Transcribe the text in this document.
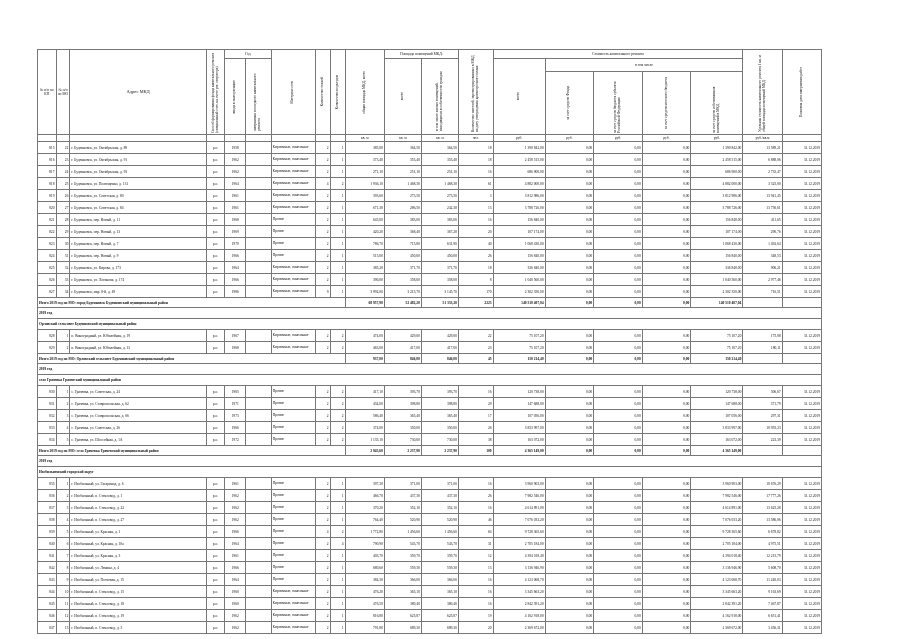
№ п/п по КП	№ п/п по МО	Адрес МКД	Способ формирования фонда капитального ремонта (специальный счет, на счете рег. оператора)	Год		Материал стен	Количество этажей	Количество подъездов	общая площадь МКД, всего	Площадь помещений МКД:		Количество жителей, зарегистрированных в МКД на дату утверждения краткосрочного плана	Стоимость капитального ремонта					Удельная стоимость капитального ремонта 1 кв. м общей площади помещений МКД	Плановая дата завершения работ

				ввода в эксплуатацию	завершения последнего капитального ремонта					всего	в том числе жилых помещений, находящихся в собственности граждан		всего	в том числе					

														за счет средств Фонда	за счет средств бюджета субъекта Российской Федерации	за счет средств местного бюджета	за счет средств собственников помещений в МКД		

									кв. м	кв. м	кв. м	чел.	руб.	руб.	руб.	руб.	руб.	руб./кв.м	
815	22	г. Буденновск, ул. Октябрьская, д. 89	р.о.	1958		Кирпичные, панельные	2	1	385,00	364,50	364,50	18	1 390 842,00	0,00	0,00	0,00	1 390 842,00	13 589,21	31.12.2019
816	23	г. Буденновск, ул. Октябрьская, д. 91	р.о.	1962		Кирпичные, панельные	2	1	373,40	353,40	353,40	18	2 458 515,00	0,00	0,00	0,00	2 458 515,00	6 888,06	31.12.2019
817	24	г. Буденновск, ул. Октябрьская, д. 93	р.о.	1962		Кирпичные, панельные	2	1	271,10	251,10	251,10	16	686 900,00	0,00	0,00	0,00	686 900,00	2 735,47	31.12.2019
818	25	г. Буденновск, ул. Полющенко, д. 131	р.о.	1964		Кирпичные, панельные	4	2	1 936,10	1 468,30	1 468,30	61	4 882 000,00	0,00	0,00	0,00	4 882 000,00	3 325,00	31.12.2019
819	26	г. Буденновск, ул. Советская, д. 80	р.о.	1961		Кирпичные, панельные	2	1	393,60	273,50	273,50	3	3 812 986,00	0,00	0,00	0,00	3 812 986,00	13 941,45	31.12.2019
820	27	г. Буденновск, ул. Советская, д. 84	р.о.	1961		Кирпичные, панельные	2	1	671,30	286,50	242,30	13	3 788 726,00	0,00	0,00	0,00	3 788 726,00	13 750,61	31.12.2019
821	28	г. Буденновск, пер. Новый, д. 11	р.о.	1968		Прочие	2	1	645,00	383,00	383,00	16	156 840,00	0,00	0,00	0,00	156 840,00	411,65	31.12.2019
822	29	г. Буденновск, пер. Новый, д. 13	р.о.	1969		Прочие	2	1	420,20	368,40	367,20	20	107 174,00	0,00	0,00	0,00	107 174,00	290,76	31.12.2019
823	30	г. Буденновск, пер. Новый, д. 7	р.о.	1970		Прочие	2	1	786,70	715,80	631,90	40	1 068 430,00	0,00	0,00	0,00	1 068 430,00	1 492,64	31.12.2019
824	31	г. Буденновск, пер. Новый, д. 9	р.о.	1966		Прочие	2	1	515,00	450,00	450,00	26	156 840,00	0,00	0,00	0,00	156 840,00	348,53	31.12.2019
825	32	г. Буденновск, ул. Кирова, д. 173	р.о.	1964		Кирпичные, панельные	2	1	385,20	371,70	371,70	18	336 840,00	0,00	0,00	0,00	336 840,00	906,21	31.12.2019
826	33	г. Буденновск, ул. Логинова, д. 174	р.о.	1966		Кирпичные, панельные	2	1	390,00	358,00	358,00	8	1 040 560,00	0,00	0,00	0,00	1 040 560,00	2 977,46	31.12.2019
827	34	г. Буденновск, мкр. 8-й, д. 49	р.о.	1986		Кирпичные, панельные	9	1	3 992,00	3 215,70	3 145,70	170	2 302 350,00	0,00	0,00	0,00	2 302 350,00	716,51	31.12.2019
Итого 2019 год по МО: город Буденновск Буденновский муниципальный район									68 957,90	52 482,20	51 333,20	2223	140 510 407,04	0,00	0,00	0,00	140 510 407,04		
2019 год																			
Орловский сельсовет Буденновский муниципальный район																			
828	1	п. Виноградный, ул. Юбилейная, д. 19	р.о.	1967		Кирпичные, панельные	2	2	474,00	429,00	429,00	22	75 107,20	0,00	0,00	0,00	75 107,20	175,08	31.12.2019
829	2	п. Виноградный, ул. Юбилейная, д. 13	р.о.	1968		Кирпичные, панельные	2	2	463,00	417,00	417,00	23	75 107,20	0,00	0,00	0,00	75 107,20	180,11	31.12.2019
Итого 2019 год по МО: Орловский сельсовет Буденновский муниципальный район									937,00	846,00	846,00	45	150 214,40	0,00	0,00	0,00	150 214,40		
2019 год																			
село Грачевка Грачевский муниципальный район																			
830	1	с. Грачевка, ул. Советская, д. 24	р.о.	1965		Прочие	2	2	417,10	393,70	393,70	16	120 738,00	0,00	0,00	0,00	120 738,00	306,67	31.12.2019
831	2	с. Грачевка, ул. Ставропольская, д. 62	р.о.	1971		Прочие	2	2	434,00	398,80	398,80	29	147 688,00	0,00	0,00	0,00	147 688,00	371,79	31.12.2019
832	3	с. Грачевка, ул. Ставропольская, д. 66	р.о.	1973		Прочие	2	2	586,40	365,40	365,40	17	107 056,00	0,00	0,00	0,00	107 056,00	297,31	31.12.2019
833	4	с. Грачевка, ул. Советская, д. 26	р.о.	1966		Прочие	2	2	374,00	350,00	350,00	26	3 833 997,00	0,00	0,00	0,00	3 833 997,00	10 955,23	31.12.2019
834	5	с. Грачевка, ул. Шоссейная, д. 1А	р.о.	1972		Прочие	2	2	1 135,10	730,00	730,00	38	163 072,00	0,00	0,00	0,00	163 072,00	223,39	31.12.2019
Итого 2019 год по МО: село Грачевка Грачевский муниципальный район									2 945,60	2 237,90	2 237,90	100	4 365 149,00	0,00	0,00	0,00	4 365 149,00		
2019 год																			
Изобильненский городской округ																			
835	1	г. Изобильный, ул. Гагаринод, д. 6	р.о.	1961		Прочие	2	1	397,30	371,00	371,00	16	3 960 903,00	0,00	0,00	0,00	3 960 903,00	10 676,29	31.12.2019
836	2	г. Изобильный, п. Стекловод, д. 1	р.о.	1962		Прочие	2	1	466,70	437,30	437,30	26	7 982 546,00	0,00	0,00	0,00	7 982 546,00	17 777,26	31.12.2019
837	3	г. Изобильный, п. Стекловод, д. 22	р.о.	1962		Прочие	2	1	370,20	352,10	352,10	16	4 614 891,00	0,00	0,00	0,00	4 614 891,00	13 625,28	31.12.2019
838	4	г. Изобильный, п. Стекловод, д. 27	р.о.	1962		Прочие	2	1	764,40	520,90	520,90	46	7 076 033,20	0,00	0,00	0,00	7 076 033,20	13 586,06	31.12.2019
839	5	г. Изобильный, ул. Красная, д. 1	р.о.	1966		Прочие	4	2	1 772,80	1 456,60	1 456,60	64	9 728 365,60	0,00	0,00	0,00	9 728 365,60	6 678,82	31.12.2019
840	6	г. Изобильный, ул. Красная, д. 10а	р.о.	1964		Прочие	2	4	790,90	543,70	543,70	31	2 705 184,00	0,00	0,00	0,00	2 705 184,00	4 975,51	31.12.2019
841	7	г. Изобильный, ул. Красная, д. 3	р.о.	1961		Прочие	2	1	403,70	359,70	359,70	12	4 394 018,40	0,00	0,00	0,00	4 394 018,40	12 215,79	31.12.2019
842	8	г. Изобильный, ул. Ленина, д. 4	р.о.	1966		Прочие	2	1	680,60	559,30	559,30	13	3 136 946,90	0,00	0,00	0,00	3 136 946,90	5 608,70	31.12.2019
843	9	г. Изобильный, ул. Почтовая, д. 15	р.о.	1964		Прочие	2	1	384,30	366,00	366,00	16	4 123 068,70	0,00	0,00	0,00	4 123 068,70	11 240,03	31.12.2019
844	10	г. Изобильный, п. Стекловод, д. 15	р.о.	1960		Кирпичные, панельные	2	1	476,20	365,10	365,10	16	3 345 663,20	0,00	0,00	0,00	3 345 663,20	9 163,69	31.12.2019
845	11	г. Изобильный, п. Стекловод, д. 18	р.о.	1960		Кирпичные, панельные	2	1	476,50	380,40	380,40	16	2 842 391,20	0,00	0,00	0,00	2 842 391,20	7 467,87	31.12.2019
846	12	г. Изобильный, п. Стекловод, д. 19	р.о.	1962		Кирпичные, панельные	2	1	816,80	625,87	625,87	19	4 162 918,00	0,00	0,00	0,00	4 162 918,00	6 651,41	31.12.2019
847	13	г. Изобильный, п. Стекловод, д. 5	р.о.	1962		Кирпичные, панельные	2	1	791,80	689,30	689,30	20	2 369 672,00	0,00	0,00	0,00	2 369 672,00	3 436,31	31.12.2019
